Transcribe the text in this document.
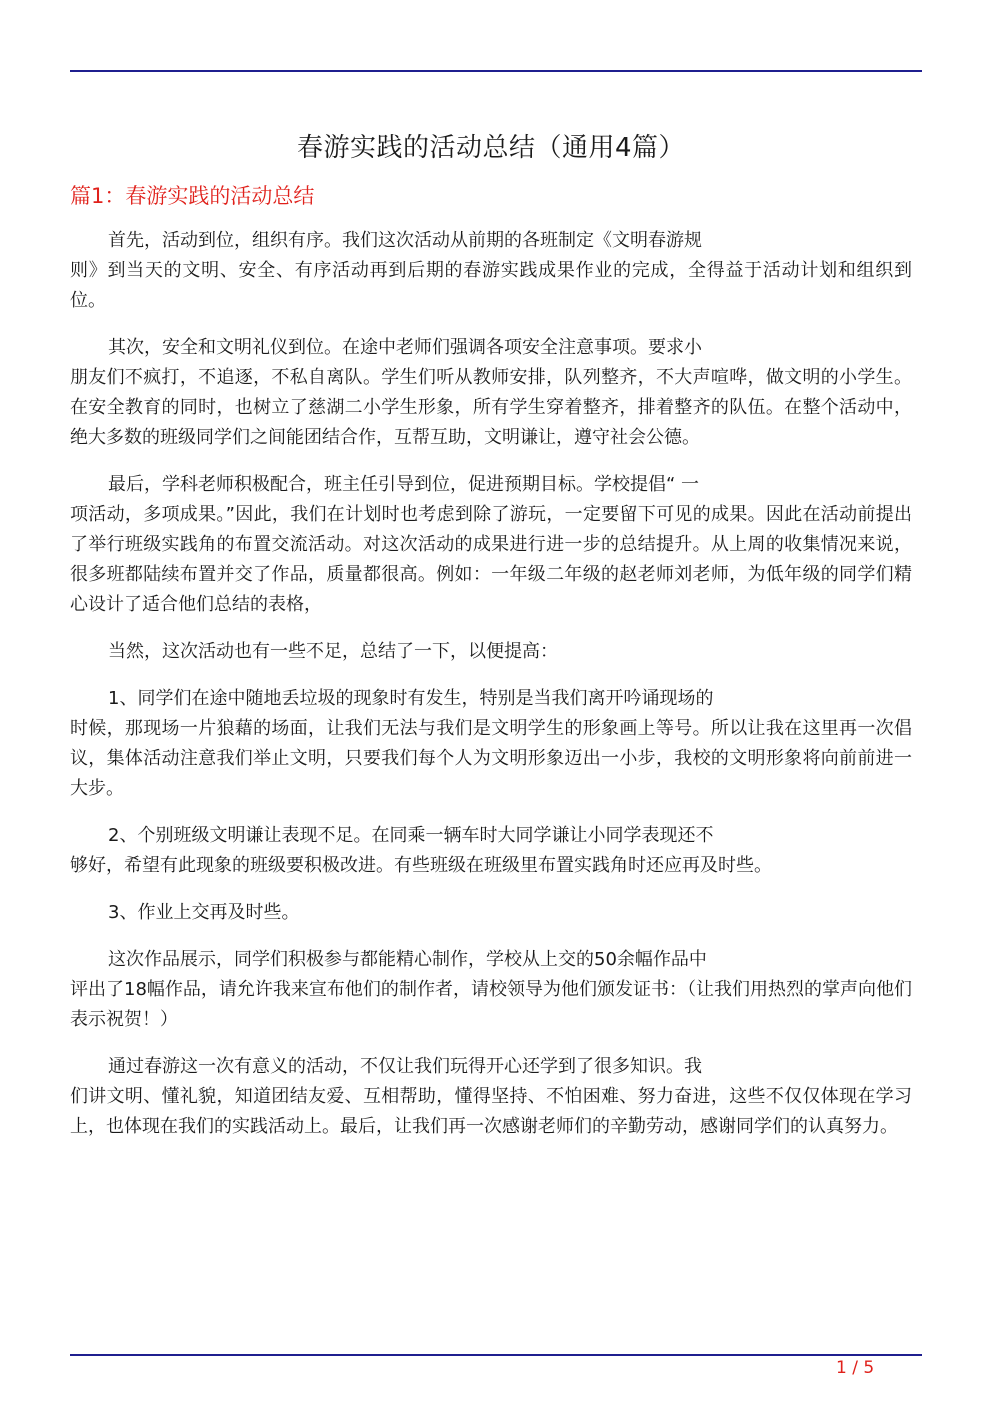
春游实践的活动总结（通用4篇）
篇1：春游实践的活动总结

首先，活动到位，组织有序。我们这次活动从前期的各班制定《文明春游规
则》到当天的文明、安全、有序活动再到后期的春游实践成果作业的完成，全得益于活动计划和组织到位。

其次，安全和文明礼仪到位。在途中老师们强调各项安全注意事项。要求小
朋友们不疯打，不追逐，不私自离队。学生们听从教师安排，队列整齐，不大声喧哗，做文明的小学生。在安全教育的同时，也树立了慈湖二小学生形象，所有学生穿着整齐，排着整齐的队伍。在整个活动中，绝大多数的班级同学们之间能团结合作，互帮互助，文明谦让，遵守社会公德。

最后，学科老师积极配合，班主任引导到位，促进预期目标。学校提倡“ 一
项活动，多项成果。”因此，我们在计划时也考虑到除了游玩，一定要留下可见的成果。因此在活动前提出了举行班级实践角的布置交流活动。对这次活动的成果进行进一步的总结提升。从上周的收集情况来说，很多班都陆续布置并交了作品，质量都很高。例如：一年级二年级的赵老师刘老师，为低年级的同学们精心设计了适合他们总结的表格，

当然，这次活动也有一些不足，总结了一下，以便提高：

1、同学们在途中随地丢垃圾的现象时有发生，特别是当我们离开吟诵现场的
时候，那现场一片狼藉的场面，让我们无法与我们是文明学生的形象画上等号。所以让我在这里再一次倡议，集体活动注意我们举止文明，只要我们每个人为文明形象迈出一小步，我校的文明形象将向前前进一大步。

2、个别班级文明谦让表现不足。在同乘一辆车时大同学谦让小同学表现还不
够好，希望有此现象的班级要积极改进。有些班级在班级里布置实践角时还应再及时些。

3、作业上交再及时些。

这次作品展示，同学们积极参与都能精心制作，学校从上交的50余幅作品中
评出了18幅作品，请允许我来宣布他们的制作者，请校领导为他们颁发证书：（让我们用热烈的掌声向他们表示祝贺！）

通过春游这一次有意义的活动，不仅让我们玩得开心还学到了很多知识。我
们讲文明、懂礼貌，知道团结友爱、互相帮助，懂得坚持、不怕困难、努力奋进，这些不仅仅体现在学习上，也体现在我们的实践活动上。最后，让我们再一次感谢老师们的辛勤劳动，感谢同学们的认真努力。

1 / 5
